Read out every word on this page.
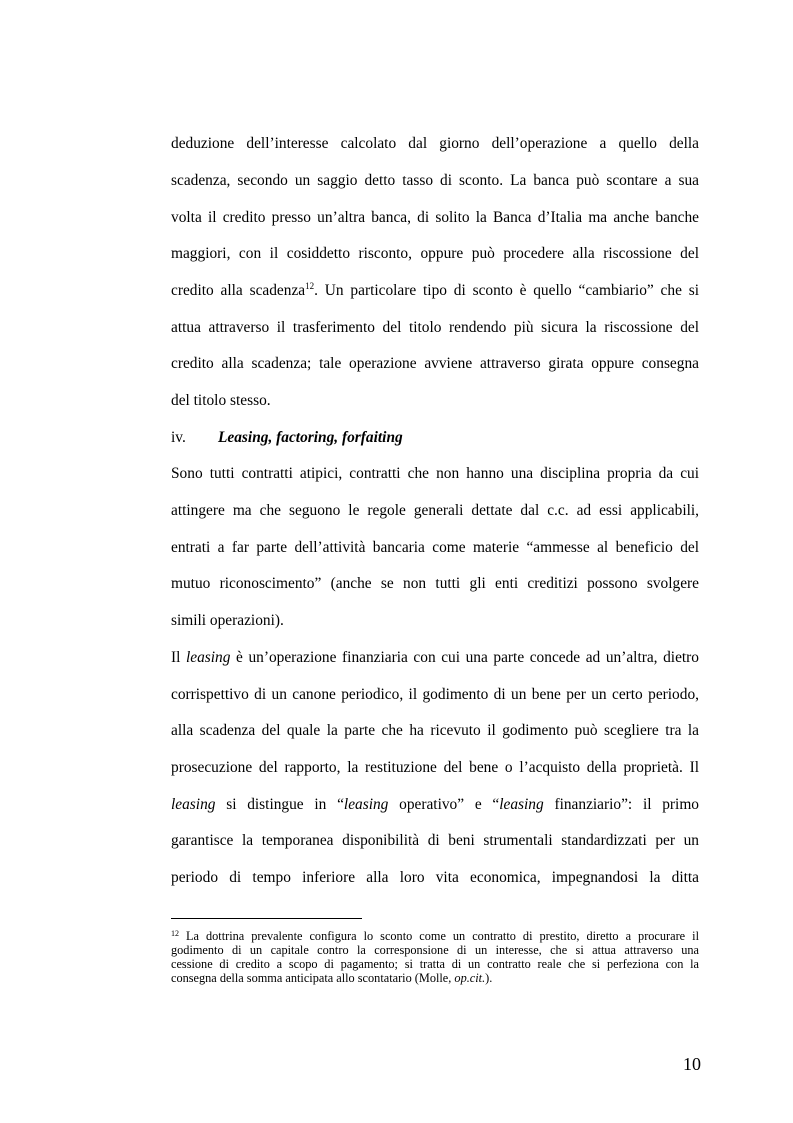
deduzione dell’interesse calcolato dal giorno dell’operazione a quello della
scadenza, secondo un saggio detto tasso di sconto. La banca può scontare a sua
volta il credito presso un’altra banca, di solito la Banca d’Italia ma anche banche
maggiori, con il cosiddetto risconto, oppure può procedere alla riscossione del
credito alla scadenza$^{12}$. Un particolare tipo di sconto è quello “cambiario” che si
attua attraverso il trasferimento del titolo rendendo più sicura la riscossione del
credito alla scadenza; tale operazione avviene attraverso girata oppure consegna
del titolo stesso.
iv. Leasing, factoring, forfaiting
Sono tutti contratti atipici, contratti che non hanno una disciplina propria da cui
attingere ma che seguono le regole generali dettate dal c.c. ad essi applicabili,
entrati a far parte dell’attività bancaria come materie “ammesse al beneficio del
mutuo riconoscimento” (anche se non tutti gli enti creditizi possono svolgere
simili operazioni).
Il leasing è un’operazione finanziaria con cui una parte concede ad un’altra, dietro
corrispettivo di un canone periodico, il godimento di un bene per un certo periodo,
alla scadenza del quale la parte che ha ricevuto il godimento può scegliere tra la
prosecuzione del rapporto, la restituzione del bene o l’acquisto della proprietà. Il
leasing si distingue in “leasing operativo” e “leasing finanziario”: il primo
garantisce la temporanea disponibilità di beni strumentali standardizzati per un
periodo di tempo inferiore alla loro vita economica, impegnandosi la ditta
$^{12}$ La dottrina prevalente configura lo sconto come un contratto di prestito, diretto a procurare il
godimento di un capitale contro la corresponsione di un interesse, che si attua attraverso una
cessione di credito a scopo di pagamento; si tratta di un contratto reale che si perfeziona con la
consegna della somma anticipata allo scontatario (Molle, op.cit.).
10
